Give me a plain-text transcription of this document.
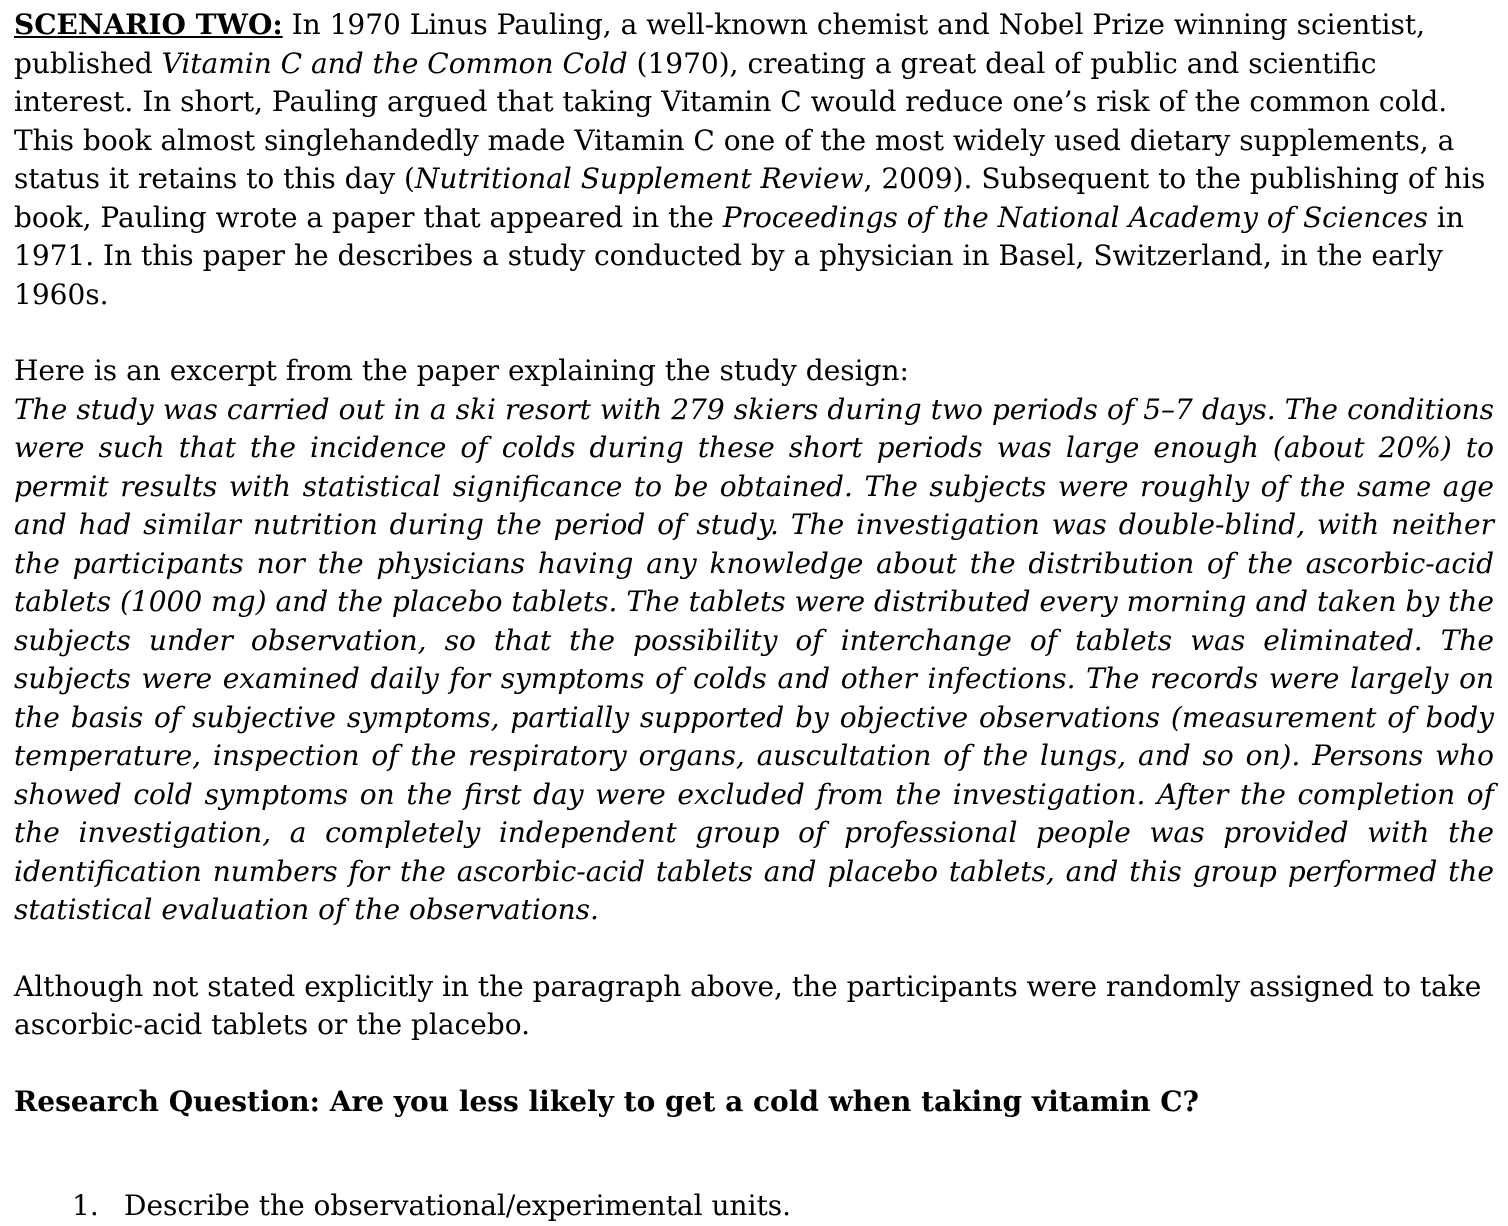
SCENARIO TWO: In 1970 Linus Pauling, a well-known chemist and Nobel Prize winning scientist, published Vitamin C and the Common Cold (1970), creating a great deal of public and scientific interest. In short, Pauling argued that taking Vitamin C would reduce one’s risk of the common cold. This book almost singlehandedly made Vitamin C one of the most widely used dietary supplements, a status it retains to this day (Nutritional Supplement Review, 2009). Subsequent to the publishing of his book, Pauling wrote a paper that appeared in the Proceedings of the National Academy of Sciences in 1971. In this paper he describes a study conducted by a physician in Basel, Switzerland, in the early 1960s.

Here is an excerpt from the paper explaining the study design:

The study was carried out in a ski resort with 279 skiers during two periods of 5–7 days. The conditions were such that the incidence of colds during these short periods was large enough (about 20%) to permit results with statistical significance to be obtained. The subjects were roughly of the same age and had similar nutrition during the period of study. The investigation was double-blind, with neither the participants nor the physicians having any knowledge about the distribution of the ascorbic-acid tablets (1000 mg) and the placebo tablets. The tablets were distributed every morning and taken by the subjects under observation, so that the possibility of interchange of tablets was eliminated. The subjects were examined daily for symptoms of colds and other infections. The records were largely on the basis of subjective symptoms, partially supported by objective observations (measurement of body temperature, inspection of the respiratory organs, auscultation of the lungs, and so on). Persons who showed cold symptoms on the first day were excluded from the investigation. After the completion of the investigation, a completely independent group of professional people was provided with the identification numbers for the ascorbic-acid tablets and placebo tablets, and this group performed the statistical evaluation of the observations.

Although not stated explicitly in the paragraph above, the participants were randomly assigned to take ascorbic-acid tablets or the placebo.

Research Question: Are you less likely to get a cold when taking vitamin C?

1. Describe the observational/experimental units.
